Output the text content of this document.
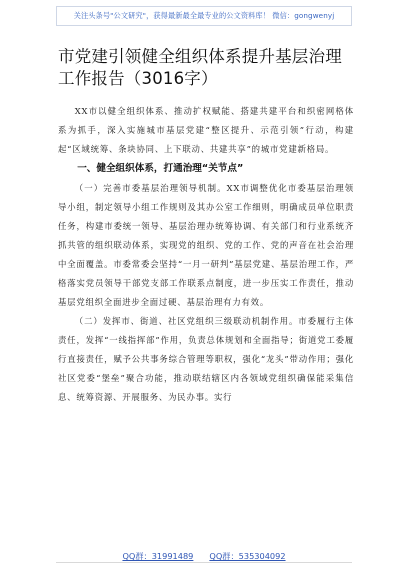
关注头条号"公文研究"，获得最新最全最专业的公文资料库！ 微信：gongwenyj
市党建引领健全组织体系提升基层治理工作报告（3016字）

XX市以健全组织体系、推动扩权赋能、搭建共建平台和织密网格体系为抓手，深入实施城市基层党建“整区提升、示范引领”行动，构建起“区域统筹、条块协同、上下联动、共建共享”的城市党建新格局。

一、健全组织体系，打通治理“关节点”

（一）完善市委基层治理领导机制。XX市调整优化市委基层治理领导小组，制定领导小组工作规则及其办公室工作细则，明确成员单位职责任务，构建市委统一领导、基层治理办统筹协调、有关部门和行业系统齐抓共管的组织联动体系，实现党的组织、党的工作、党的声音在社会治理中全面覆盖。市委常委会坚持“一月一研判”基层党建、基层治理工作，严格落实党员领导干部党支部工作联系点制度，进一步压实工作责任，推动基层党组织全面进步全面过硬、基层治理有力有效。

（二）发挥市、街道、社区党组织三级联动机制作用。市委履行主体责任，发挥“一线指挥部”作用，负责总体规划和全面指导；街道党工委履行直接责任，赋予公共事务综合管理等职权，强化“龙头”带动作用；强化社区党委“堡垒”聚合功能，推动联结辖区内各领域党组织确保能采集信息、统筹资源、开展服务、为民办事。实行

QQ群：31991489 QQ群：535304092
